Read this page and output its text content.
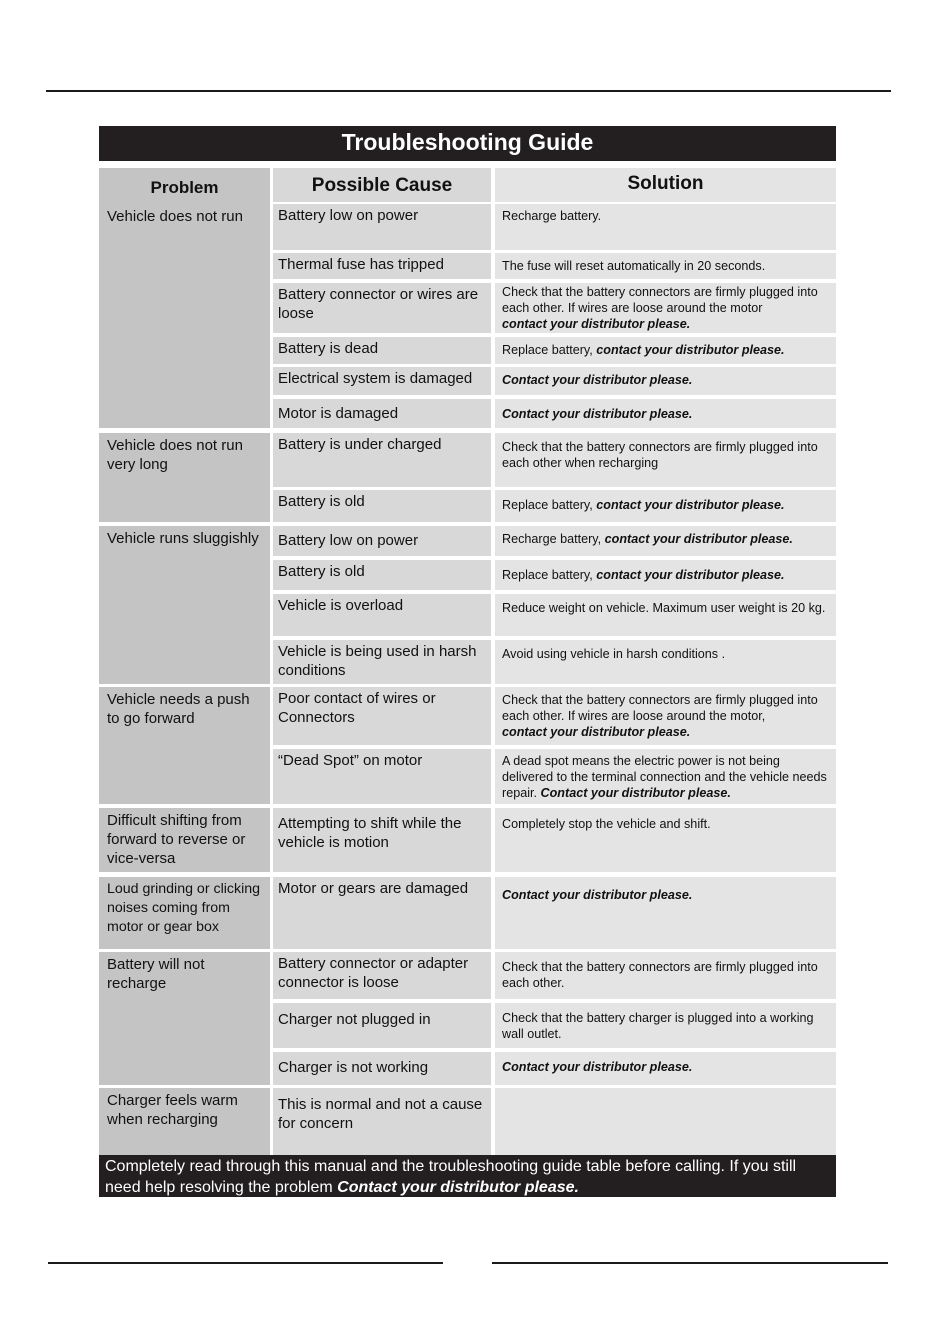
Troubleshooting Guide
Problem	Possible Cause	Solution
Vehicle does not run
Vehicle does not run very long
Vehicle runs sluggishly
Vehicle needs a push to go forward
Difficult shifting from forward to reverse or vice-versa
Loud grinding or clicking noises coming from motor or gear box
Battery will not recharge
Charger feels warm when recharging
Battery low on power
Thermal fuse has tripped
Battery connector or wires are loose
Battery is dead
Electrical system is damaged
Motor is damaged
Battery is under charged
Battery is old
Battery low on power
Battery is old
Vehicle is overload
Vehicle is being used in harsh conditions
Poor contact of wires or Connectors
“Dead Spot” on motor
Attempting to shift while the vehicle is motion
Motor or gears are damaged
Battery connector or adapter connector is loose
Charger not plugged in
Charger is not working
This is normal and not a cause for concern
Recharge battery.
The fuse will reset automatically in 20 seconds.
Check that the battery connectors are firmly plugged into each other. If wires are loose around the motor
contact your distributor please.
Replace battery, contact your distributor please.
Contact your distributor please.
Contact your distributor please.
Check that the battery connectors are firmly plugged into each other when recharging
Replace battery, contact your distributor please.
Recharge battery, contact your distributor please.
Replace battery, contact your distributor please.
Reduce weight on vehicle. Maximum user weight is 20 kg.
Avoid using vehicle in harsh conditions .
Check that the battery connectors are firmly plugged into each other. If wires are loose around the motor,
contact your distributor please.
A dead spot means the electric power is not being delivered to the terminal connection and the vehicle needs repair. Contact your distributor please.
Completely stop the vehicle and shift.
Contact your distributor please.
Check that the battery connectors are firmly plugged into each other.
Check that the battery charger is plugged into a working wall outlet.
Contact your distributor please.
Completely read through this manual and the troubleshooting guide table before calling. If you still need help resolving the problem Contact your distributor please.
